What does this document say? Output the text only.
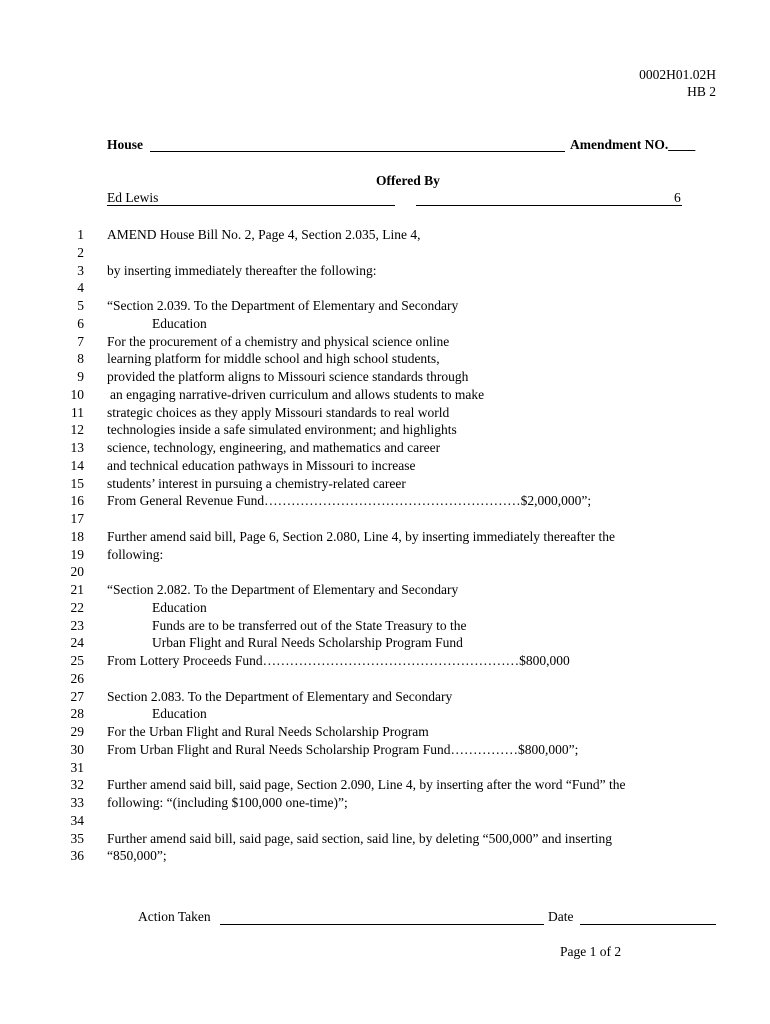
0002H01.02H
HB 2
House	Amendment NO.____
Offered By
Ed Lewis	6
1 AMEND House Bill No. 2, Page 4, Section 2.035, Line 4,
2
3 by inserting immediately thereafter the following:
4
5 “Section 2.039. To the Department of Elementary and Secondary
6	Education
7 For the procurement of a chemistry and physical science online
8 learning platform for middle school and high school students,
9 provided the platform aligns to Missouri science standards through
10 an engaging narrative-driven curriculum and allows students to make
11 strategic choices as they apply Missouri standards to real world
12 technologies inside a safe simulated environment; and highlights
13 science, technology, engineering, and mathematics and career
14 and technical education pathways in Missouri to increase
15 students’ interest in pursuing a chemistry-related career
16 From General Revenue Fund…………………………………………………$2,000,000”;
17
18 Further amend said bill, Page 6, Section 2.080, Line 4, by inserting immediately thereafter the
19 following:
20
21 “Section 2.082. To the Department of Elementary and Secondary
22	Education
23	Funds are to be transferred out of the State Treasury to the
24	Urban Flight and Rural Needs Scholarship Program Fund
25 From Lottery Proceeds Fund…………………………………………………$800,000
26
27 Section 2.083. To the Department of Elementary and Secondary
28	Education
29 For the Urban Flight and Rural Needs Scholarship Program
30 From Urban Flight and Rural Needs Scholarship Program Fund……………$800,000”;
31
32 Further amend said bill, said page, Section 2.090, Line 4, by inserting after the word “Fund” the
33 following: “(including $100,000 one-time)”;
34
35 Further amend said bill, said page, said section, said line, by deleting “500,000” and inserting
36 “850,000”;
Action Taken	Date
Page 1 of 2
